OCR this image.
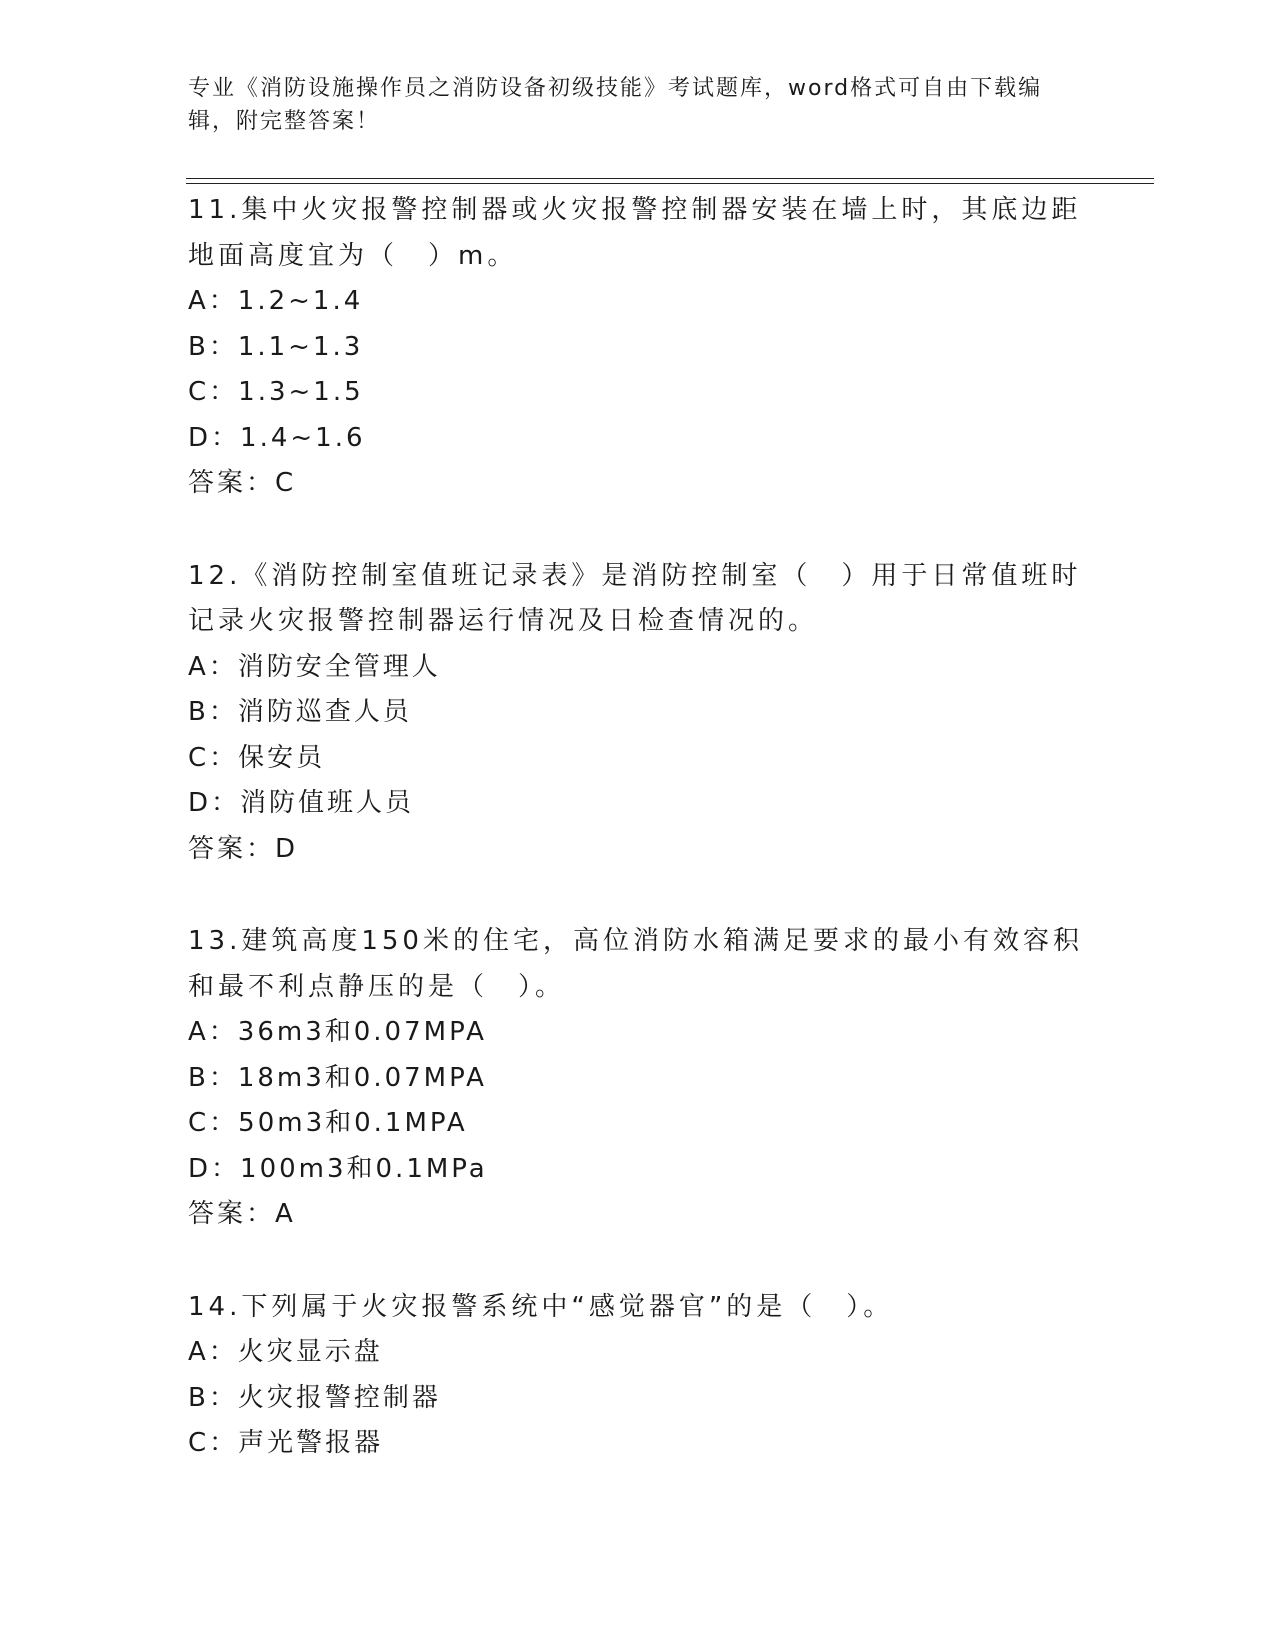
专业《消防设施操作员之消防设备初级技能》考试题库，word格式可自由下载编辑，附完整答案！

11.集中火灾报警控制器或火灾报警控制器安装在墙上时，其底边距地面高度宜为（　）m。

A：1.2~1.4

B：1.1~1.3

C：1.3~1.5

D：1.4~1.6

答案：C

12.《消防控制室值班记录表》是消防控制室（　）用于日常值班时记录火灾报警控制器运行情况及日检查情况的。

A：消防安全管理人

B：消防巡查人员

C：保安员

D：消防值班人员

答案：D

13.建筑高度150米的住宅，高位消防水箱满足要求的最小有效容积和最不利点静压的是（　）。

A：36m3和0.07MPA

B：18m3和0.07MPA

C：50m3和0.1MPA

D：100m3和0.1MPa

答案：A

14.下列属于火灾报警系统中“感觉器官”的是（　）。

A：火灾显示盘

B：火灾报警控制器

C：声光警报器
